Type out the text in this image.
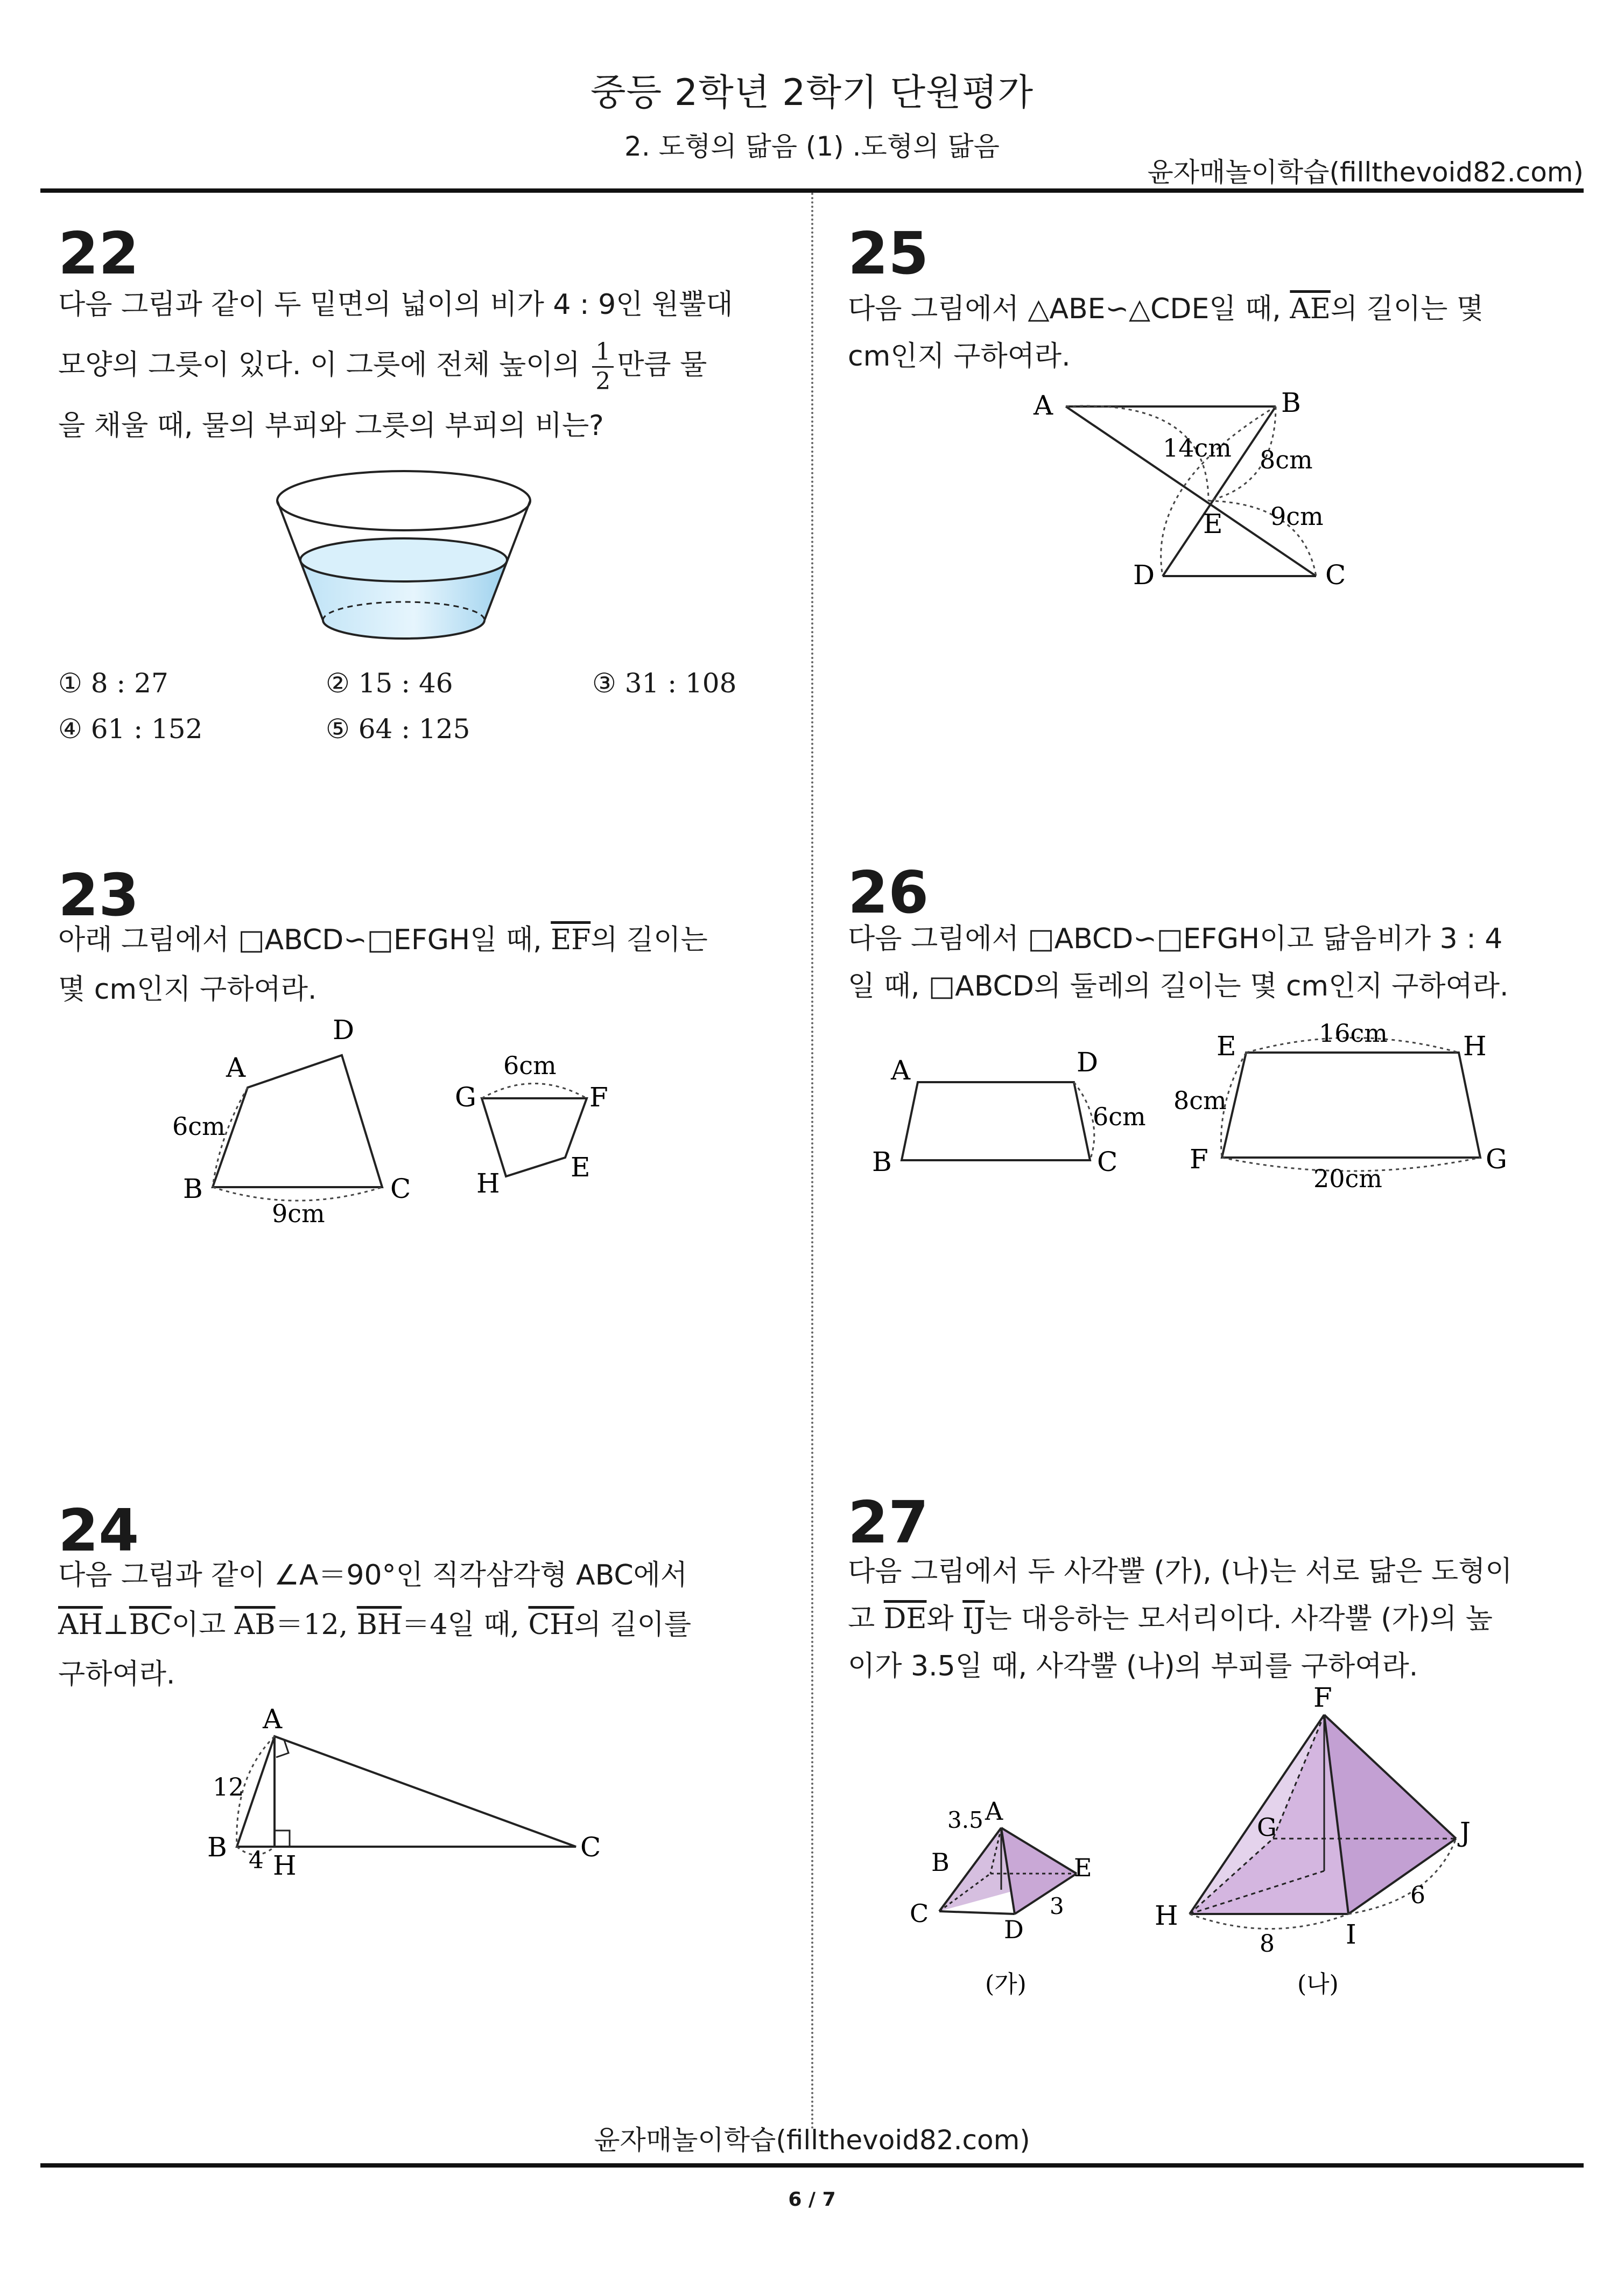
중등 2학년 2학기 단원평가
2. 도형의 닮음 (1) .도형의 닮음
윤자매놀이학습(fillthevoid82.com)
22
다음 그림과 같이 두 밑면의 넓이의 비가 4 : 9인 원뿔대
모양의 그릇이 있다. 이 그릇에 전체 높이의 $\frac{1}{2}$ 만큼 물
을 채울 때, 물의 부피와 그릇의 부피의 비는?
① 8 : 27	② 15 : 46	③ 31 : 108
④ 61 : 152	⑤ 64 : 125
23
아래 그림에서 □ABCD∽□EFGH일 때, $\overline{EF}$의 길이는
몇 cm인지 구하여라.
A
D
B	C
6cm
9cm
G	F
E
H
6cm
24
다음 그림과 같이 ∠A＝90°인 직각삼각형 ABC에서
$\overline{AH}\perp\overline{BC}$이고 $\overline{AB}=12$, $\overline{BH}=4$일 때, $\overline{CH}$의 길이를
구하여라.
A
B	C
H
12
4
25
다음 그림에서 △ABE∽△CDE일 때, $\overline{AE}$의 길이는 몇
cm인지 구하여라.
A	B
D	C
E
14cm 8cm
9cm
26
다음 그림에서 □ABCD∽□EFGH이고 닮음비가 3 : 4
일 때, □ABCD의 둘레의 길이는 몇 cm인지 구하여라.
A	D
B	C
6cm
E	H
F	G
16cm
8cm
20cm
27
다음 그림에서 두 사각뿔 (가), (나)는 서로 닮은 도형이
고 $\overline{DE}$와 $\overline{IJ}$는 대응하는 모서리이다. 사각뿔 (가)의 높
이가 3.5일 때, 사각뿔 (나)의 부피를 구하여라.
A
3.5
B
C
D
E
3
(가)
F
G
H
I
J
6
8
(나)
윤자매놀이학습(fillthevoid82.com)
6 / 7
